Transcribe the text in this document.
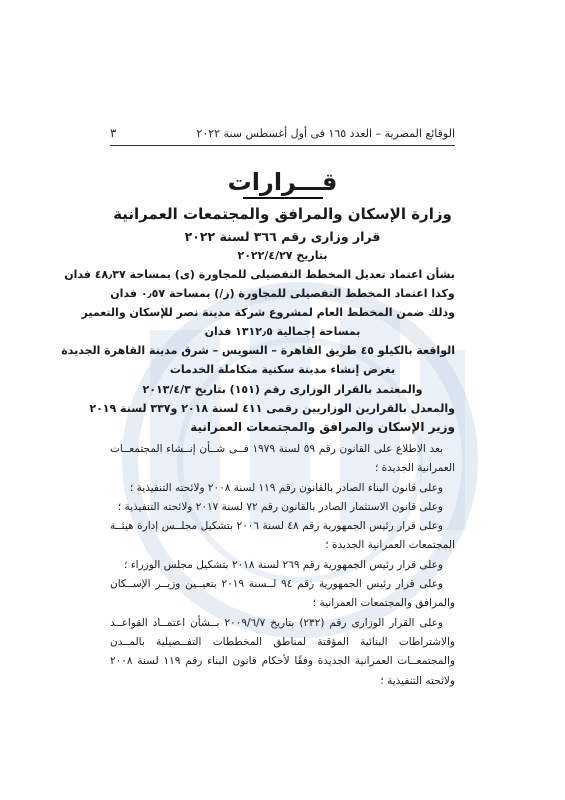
الوقائع المصرية – العدد ١٦٥ فى أول أغسطس سنة ٢٠٢٢
٣
قـــرارات
وزارة الإسكان والمرافق والمجتمعات العمرانية
قرار وزارى رقم ٣٦٦ لسنة ٢٠٢٢
بتاريخ ٢٠٢٢/٤/٢٧
بشأن اعتماد تعديل المخطط التفصيلى للمجاورة (ى) بمساحة ٤٨٫٣٧ فدان
وكذا اعتماد المخطط التفصيلى للمجاورة (ز/) بمساحة ٠٫٥٧ فدان
وذلك ضمن المخطط العام لمشروع شركة مدينة نصر للإسكان والتعمير
بمساحة إجمالية ١٣١٢٫٥ فدان
الواقعة بالكيلو ٤٥ طريق القاهرة – السويس – شرق مدينة القاهرة الجديدة
بغرض إنشاء مدينة سكنية متكاملة الخدمات
والمعتمد بالقرار الوزارى رقم (١٥١) بتاريخ ٢٠١٣/٤/٣
والمعدل بالقرارين الوزاريين رقمى ٤١١ لسنة ٢٠١٨ و٣٣٧ لسنة ٢٠١٩
وزير الإسكان والمرافق والمجتمعات العمرانية

بعد الاطلاع على القانون رقم ٥٩ لسنة ١٩٧٩ فــى شــأن إنــشاء المجتمعــات العمرانية الجديدة ؛

وعلى قانون البناء الصادر بالقانون رقم ١١٩ لسنة ٢٠٠٨ ولائحته التنفيذية ؛

وعلى قانون الاستثمار الصادر بالقانون رقم ٧٢ لسنة ٢٠١٧ ولائحته التنفيذية ؛

وعلى قرار رئيس الجمهورية رقم ٤٨ لسنة ٢٠٠٦ بتشكيل مجلــس إدارة هيئــة المجتمعات العمرانية الجديدة ؛

وعلى قرار رئيس الجمهورية رقم ٢٦٩ لسنة ٢٠١٨ بتشكيل مجلس الوزراء ؛

وعلى قرار رئيس الجمهورية رقم ٩٤ لــسنة ٢٠١٩ بتعيــين وزيــر الإســكان والمرافق والمجتمعات العمرانية ؛

وعلى القرار الوزارى رقم (٢٣٢) بتاريخ ٢٠٠٩/٦/٧ بــشأن اعتمــاد القواعــد والاشتراطات البنائية المؤقتة لمناطق المخططات التفــصيلية بالمــدن والمجتمعــات العمرانية الجديدة وفقًا لأحكام قانون البناء رقم ١١٩ لسنة ٢٠٠٨ ولائحته التنفيذية ؛
